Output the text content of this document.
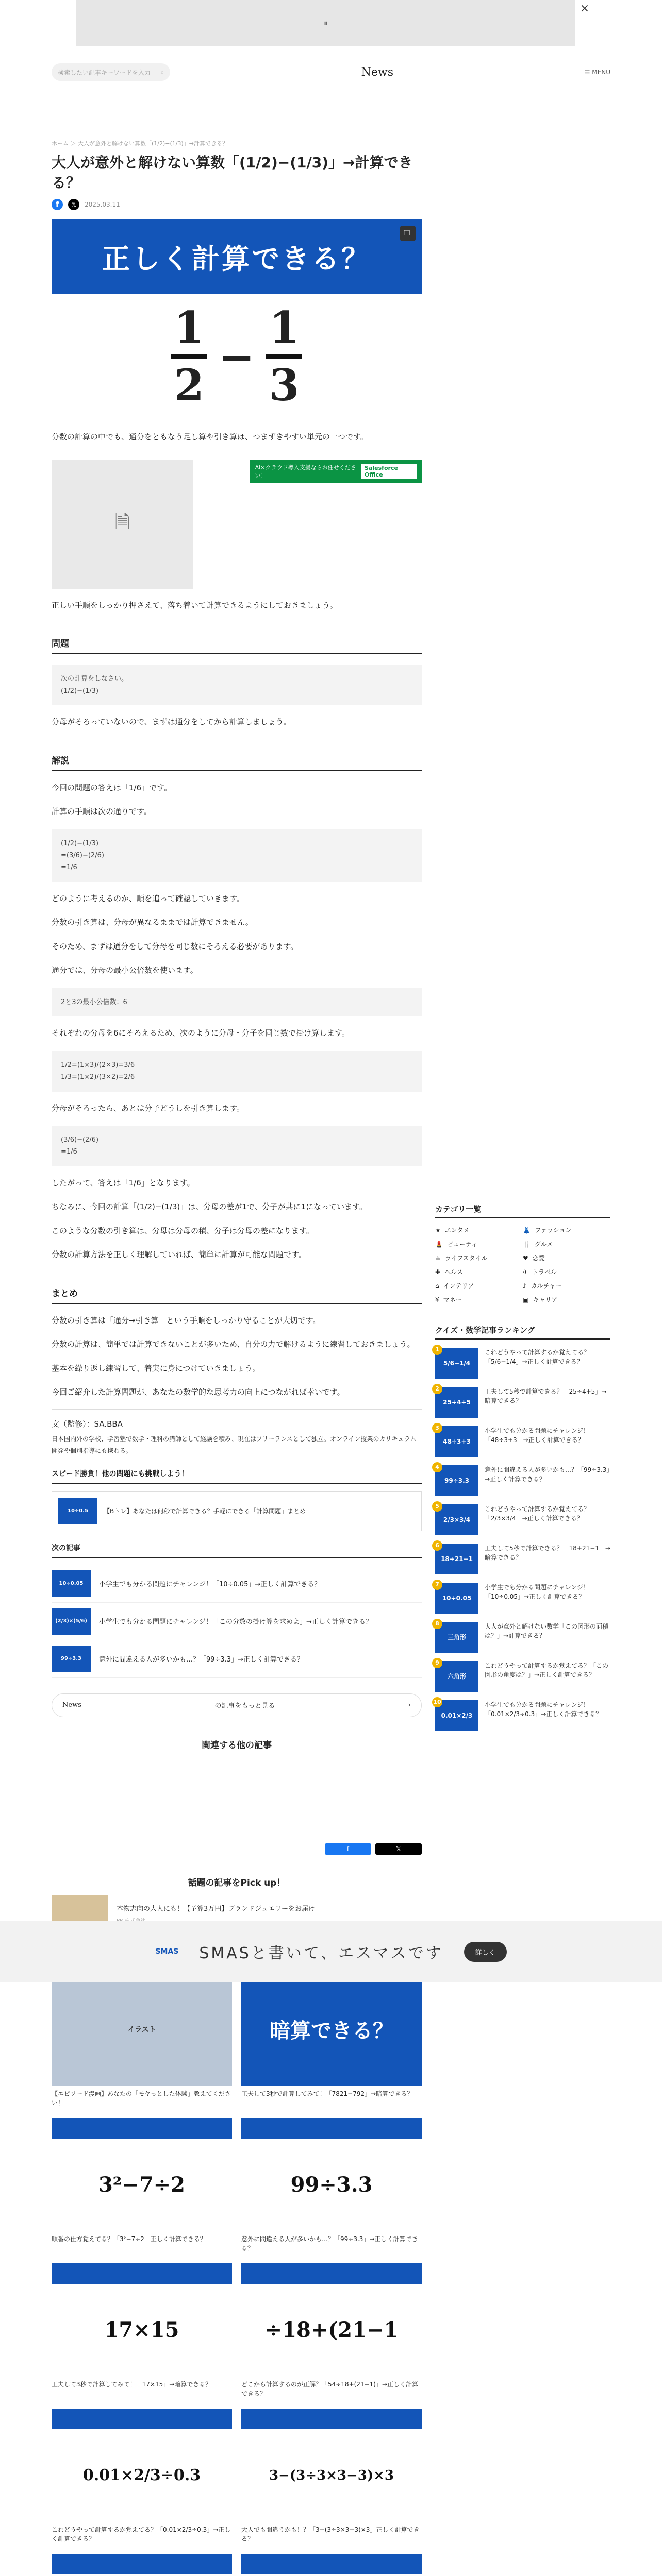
⏸
×
検索したい記事キーワードを入力 ⌕	News	☰ MENU
ホーム ＞ 大人が意外と解けない算数「(1/2)−(1/3)」→計算できる？
大人が意外と解けない算数「(1/2)−(1/3)」→計算できる？
f	𝕏	2025.03.11
正しく計算できる？
❐
1
2
−
1
3

分数の計算の中でも、通分をともなう足し算や引き算は、つまずきやすい単元の一つです。

🗎
AI×クラウド導入支援ならお任せください！
Salesforce Office

正しい手順をしっかり押さえて、落ち着いて計算できるようにしておきましょう。

問題
次の計算をしなさい。
(1/2)−(1/3)

分母がそろっていないので、まずは通分をしてから計算しましょう。

解説

今回の問題の答えは「1/6」です。

計算の手順は次の通りです。

(1/2)−(1/3)
=(3/6)−(2/6)
=1/6

どのように考えるのか、順を追って確認していきます。

分数の引き算は、分母が異なるままでは計算できません。

そのため、まずは通分をして分母を同じ数にそろえる必要があります。

通分では、分母の最小公倍数を使います。

2と3の最小公倍数：6

それぞれの分母を6にそろえるため、次のように分母・分子を同じ数で掛け算します。

1/2=(1×3)/(2×3)=3/6
1/3=(1×2)/(3×2)=2/6

分母がそろったら、あとは分子どうしを引き算します。

(3/6)−(2/6)
=1/6

したがって、答えは「1/6」となります。

ちなみに、今回の計算「(1/2)−(1/3)」は、分母の差が1で、分子が共に1になっています。

このような分数の引き算は、分母は分母の積、分子は分母の差になります。

分数の計算方法を正しく理解していれば、簡単に計算が可能な問題です。

まとめ

分数の引き算は「通分→引き算」という手順をしっかり守ることが大切です。

分数の計算は、簡単では計算できないことが多いため、自分の力で解けるように練習しておきましょう。

基本を繰り返し練習して、着実に身につけていきましょう。

今回ご紹介した計算問題が、あなたの数学的な思考力の向上につながれば幸いです。

文（監修）：SA.BBA

日本国内外の学校、学習塾で数学・理科の講師として経験を積み、現在はフリーランスとして独立。オンライン授業のカリキュラム開発や個別指導にも携わる。

スピード勝負！他の問題にも挑戦しよう！
10÷0.5	【Bトレ】あなたは何秒で計算できる？手軽にできる「計算問題」まとめ
次の記事
10÷0.05	小学生でも分かる問題にチャレンジ！「10÷0.05」→正しく計算できる？
(2/3)×(5/6)	小学生でも分かる問題にチャレンジ！「この分数の掛け算を求めよ」→正しく計算できる？
99÷3.3	意外に間違える人が多いかも…？「99÷3.3」→正しく計算できる？
News	の記事をもっと見る	›
関連する他の記事
f	𝕏
話題の記事をPick up！
本物志向の大人にも！【予算3万円】ブランドジュエリーをお届け
イラスト
【エピソード漫画】あなたの「モヤっとした体験」教えてください！
暗算できる？
工夫して3秒で計算してみて！「7821−792」→暗算できる？
3²−7÷2
順番の仕方覚えてる？「3²−7÷2」正しく計算できる？
99÷3.3
意外に間違える人が多いかも…？「99÷3.3」→正しく計算できる？
17×15
工夫して3秒で計算してみて！「17×15」→暗算できる？
÷18+(21−1
どこから計算するのが正解？「54÷18+(21−1)」→正しく計算できる？
0.01×2/3÷0.3
これどうやって計算するか覚えてる？「0.01×2/3÷0.3」→正しく計算できる？
3−(3÷3×3−3)×3
大人でも間違うかも！？「3−(3÷3×3−3)×3」正しく計算できる？
カテゴリ一覧
★ エンタメ	👗 ファッション
💄 ビューティ	🍴 グルメ
☕ ライフスタイル	♥ 恋愛
✚ ヘルス	✈ トラベル
⌂ インテリア	♪ カルチャー
¥ マネー	▣ キャリア
クイズ・数学記事ランキング
1
5/6−1/4
これどうやって計算するか覚えてる？「5/6−1/4」→正しく計算できる？
2
25÷4+5
工夫して5秒で計算できる？「25÷4+5」→暗算できる？
3
48÷3+3
小学生でも分かる問題にチャレンジ！「48÷3+3」→正しく計算できる？
4
99÷3.3
意外に間違える人が多いかも…？「99÷3.3」→正しく計算できる？
5
2/3×3/4
これどうやって計算するか覚えてる？「2/3×3/4」→正しく計算できる？
6
18+21−1
工夫して5秒で計算できる？「18+21−1」→暗算できる？
7
10÷0.05
小学生でも分かる問題にチャレンジ！「10÷0.05」→正しく計算できる？
8
三角形
大人が意外と解けない数学「この図形の面積は？」→計算できる？
9
六角形
これどうやって計算するか覚えてる？「この図形の角度は？」→正しく計算できる？
10
0.01×2/3
小学生でも分かる問題にチャレンジ！「0.01×2/3÷0.3」→正しく計算できる？
SMAS SMASと書いて、エスマスです	詳しく
